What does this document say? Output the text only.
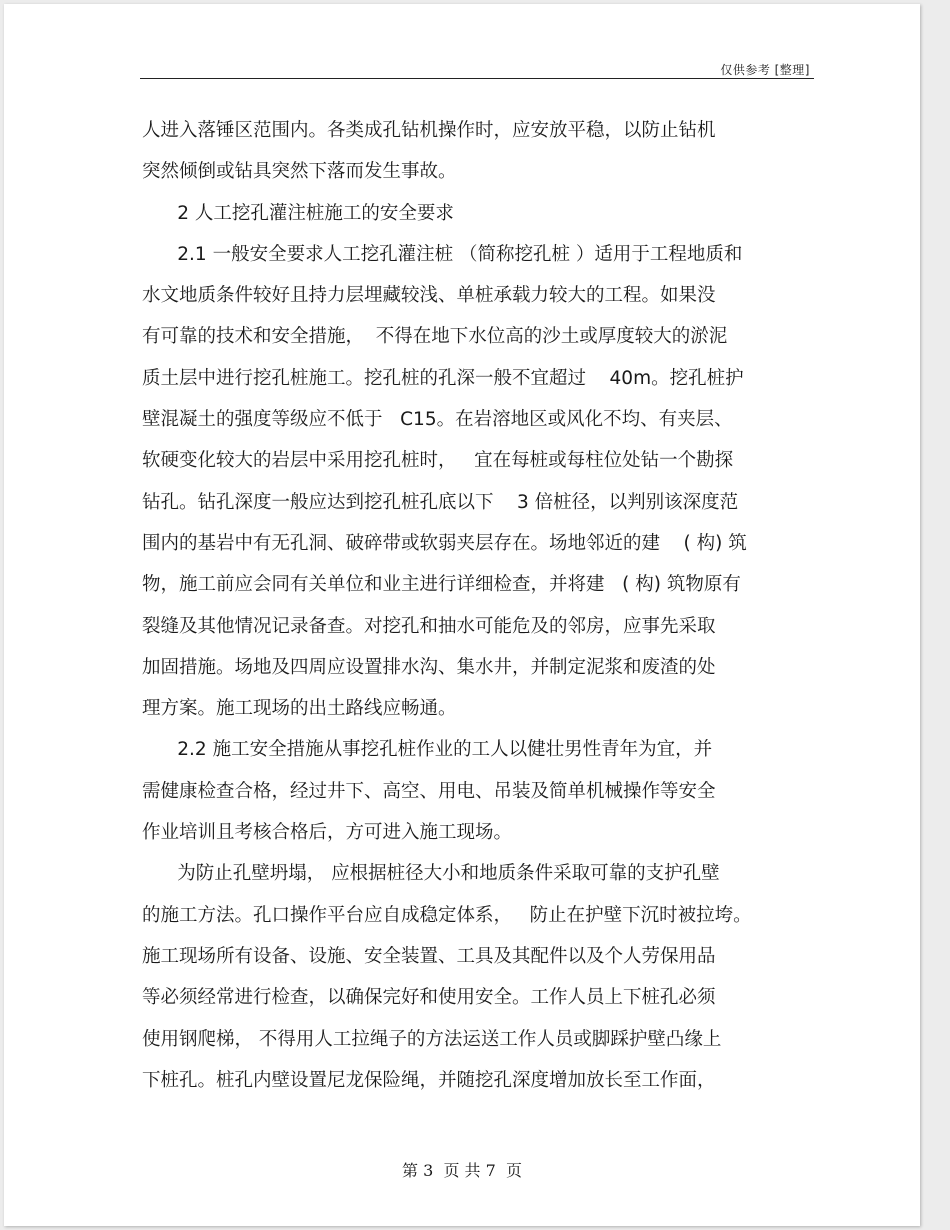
仅供参考 [整理]
人进入落锤区范围内。各类成孔钻机操作时，应安放平稳，以防止钻机
突然倾倒或钻具突然下落而发生事故。
2 人工挖孔灌注桩施工的安全要求
2.1 一般安全要求人工挖孔灌注桩 （简称挖孔桩 ）适用于工程地质和
水文地质条件较好且持力层埋藏较浅、单桩承载力较大的工程。如果没
有可靠的技术和安全措施，  不得在地下水位高的沙土或厚度较大的淤泥
质土层中进行挖孔桩施工。挖孔桩的孔深一般不宜超过    40m。挖孔桩护
壁混凝土的强度等级应不低于   C15。在岩溶地区或风化不均、有夹层、
软硬变化较大的岩层中采用挖孔桩时，   宜在每桩或每柱位处钻一个勘探
钻孔。钻孔深度一般应达到挖孔桩孔底以下    3 倍桩径，以判别该深度范
围内的基岩中有无孔洞、破碎带或软弱夹层存在。场地邻近的建    ( 构) 筑
物，施工前应会同有关单位和业主进行详细检查，并将建   ( 构) 筑物原有
裂缝及其他情况记录备查。对挖孔和抽水可能危及的邻房，应事先采取
加固措施。场地及四周应设置排水沟、集水井，并制定泥浆和废渣的处
理方案。施工现场的出土路线应畅通。
2.2 施工安全措施从事挖孔桩作业的工人以健壮男性青年为宜，并
需健康检查合格，经过井下、高空、用电、吊装及简单机械操作等安全
作业培训且考核合格后，方可进入施工现场。
为防止孔壁坍塌， 应根据桩径大小和地质条件采取可靠的支护孔壁
的施工方法。孔口操作平台应自成稳定体系，   防止在护壁下沉时被拉垮。
施工现场所有设备、设施、安全装置、工具及其配件以及个人劳保用品
等必须经常进行检查，以确保完好和使用安全。工作人员上下桩孔必须
使用钢爬梯， 不得用人工拉绳子的方法运送工作人员或脚踩护壁凸缘上
下桩孔。桩孔内壁设置尼龙保险绳，并随挖孔深度增加放长至工作面，
第 3  页 共 7  页
